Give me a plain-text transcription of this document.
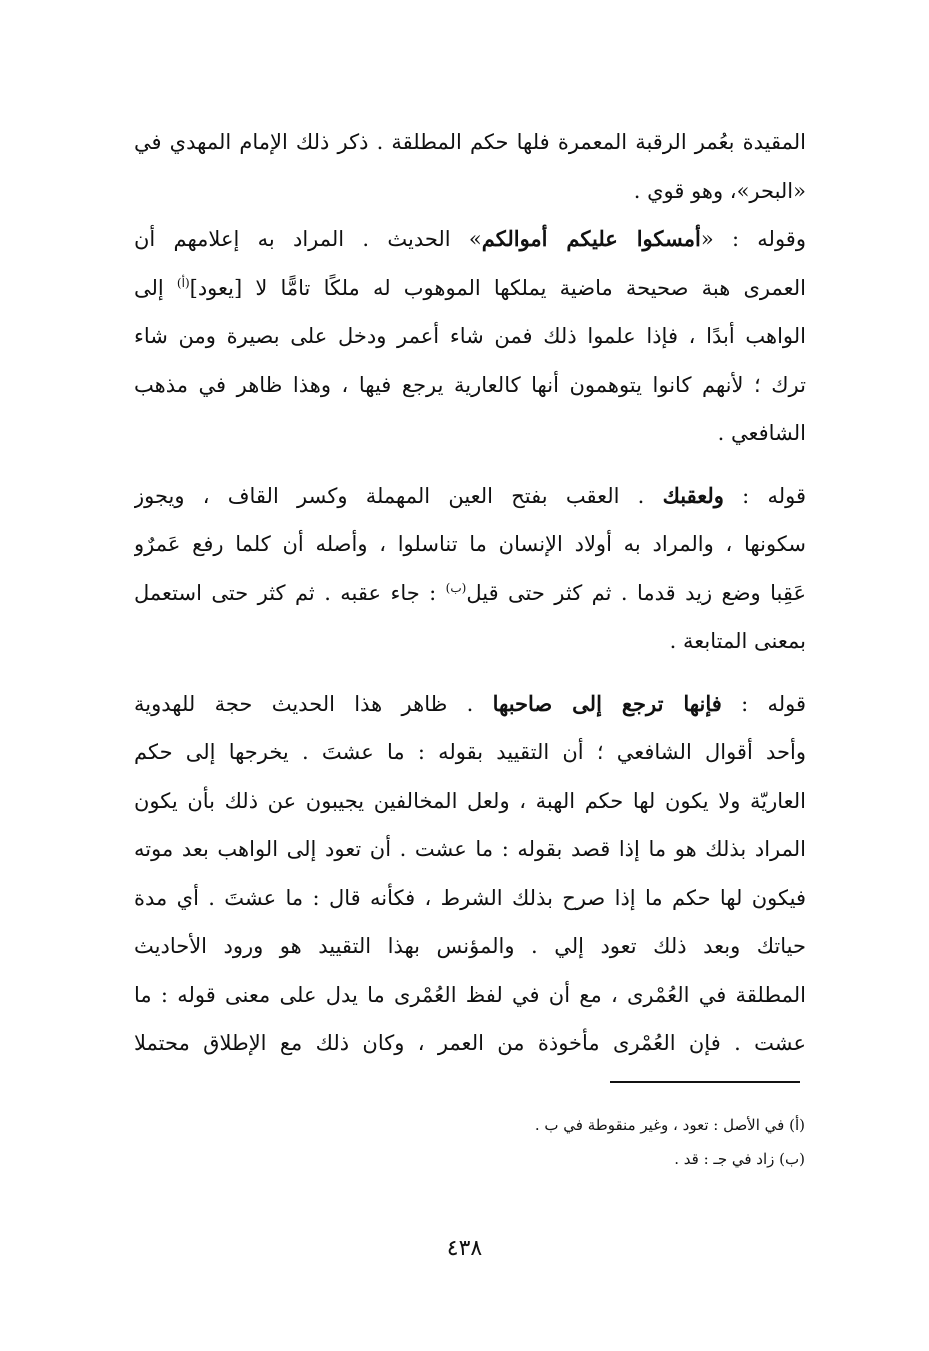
المقيدة بعُمر الرقبة المعمرة فلها حكم المطلقة . ذكر ذلك الإمام المهدي في
«البحر»، وهو قوي .
وقوله : «أمسكوا عليكم أموالكم» الحديث . المراد به إعلامهم أن
العمرى هبة صحيحة ماضية يملكها الموهوب له ملكًا تامًّا لا [يعود]$^{(أ)}$ إلى
الواهب أبدًا ، فإذا علموا ذلك فمن شاء أعمر ودخل على بصيرة ومن شاء
ترك ؛ لأنهم كانوا يتوهمون أنها كالعارية يرجع فيها ، وهذا ظاهر في مذهب
الشافعي .
قوله : ولعقبك . العقب بفتح العين المهملة وكسر القاف ، ويجوز
سكونها ، والمراد به أولاد الإنسان ما تناسلوا ، وأصله أن كلما رفع عَمرٌو
عَقِبا وضع زيد قدما . ثم كثر حتى قيل$^{(ب)}$ : جاء عقبه . ثم كثر حتى استعمل
بمعنى المتابعة .
قوله : فإنها ترجع إلى صاحبها . ظاهر هذا الحديث حجة للهدوية
وأحد أقوال الشافعي ؛ أن التقييد بقوله : ما عشتَ . يخرجها إلى حكم
العاريّة ولا يكون لها حكم الهبة ، ولعل المخالفين يجيبون عن ذلك بأن يكون
المراد بذلك هو ما إذا قصد بقوله : ما عشت . أن تعود إلى الواهب بعد موته
فيكون لها حكم ما إذا صرح بذلك الشرط ، فكأنه قال : ما عشتَ . أي مدة
حياتك وبعد ذلك تعود إلي . والمؤنس بهذا التقييد هو ورود الأحاديث
المطلقة في العُمْرى ، مع أن في لفظ العُمْرى ما يدل على معنى قوله : ما
عشت . فإن العُمْرى مأخوذة من العمر ، وكان ذلك مع الإطلاق محتملا
(أ) في الأصل : تعود ، وغير منقوطة في ب .
(ب) زاد في جـ : قد .
٤٣٨
